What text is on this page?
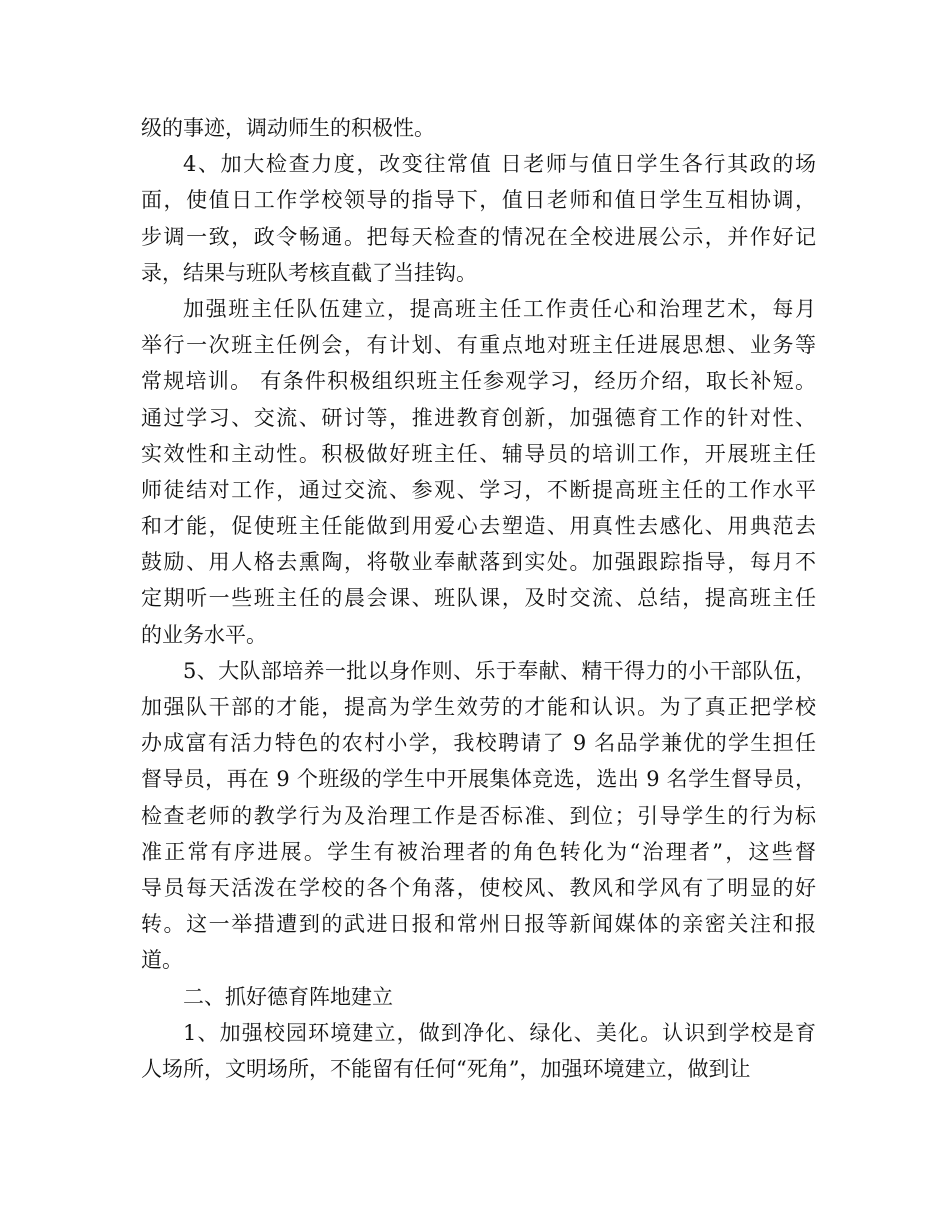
级的事迹，调动师生的积极性。
4、加大检查力度，改变往常值 日老师与值日学生各行其政的场
面，使值日工作学校领导的指导下，值日老师和值日学生互相协调，
步调一致，政令畅通。把每天检查的情况在全校进展公示，并作好记
录，结果与班队考核直截了当挂钩。
加强班主任队伍建立，提高班主任工作责任心和治理艺术，每月
举行一次班主任例会，有计划、有重点地对班主任进展思想、业务等
常规培训。 有条件积极组织班主任参观学习，经历介绍，取长补短。
通过学习、交流、研讨等，推进教育创新，加强德育工作的针对性、
实效性和主动性。积极做好班主任、辅导员的培训工作，开展班主任
师徒结对工作，通过交流、参观、学习，不断提高班主任的工作水平
和才能，促使班主任能做到用爱心去塑造、用真性去感化、用典范去
鼓励、用人格去熏陶，将敬业奉献落到实处。加强跟踪指导，每月不
定期听一些班主任的晨会课、班队课，及时交流、总结，提高班主任
的业务水平。
5、大队部培养一批以身作则、乐于奉献、精干得力的小干部队伍，
加强队干部的才能，提高为学生效劳的才能和认识。为了真正把学校
办成富有活力特色的农村小学，我校聘请了 9 名品学兼优的学生担任
督导员，再在 9 个班级的学生中开展集体竞选，选出 9 名学生督导员，
检查老师的教学行为及治理工作是否标准、到位；引导学生的行为标
准正常有序进展。学生有被治理者的角色转化为“治理者”，这些督
导员每天活泼在学校的各个角落，使校风、教风和学风有了明显的好
转。这一举措遭到的武进日报和常州日报等新闻媒体的亲密关注和报
道。
二、抓好德育阵地建立
1、加强校园环境建立，做到净化、绿化、美化。认识到学校是育
人场所，文明场所，不能留有任何“死角”，加强环境建立，做到让
